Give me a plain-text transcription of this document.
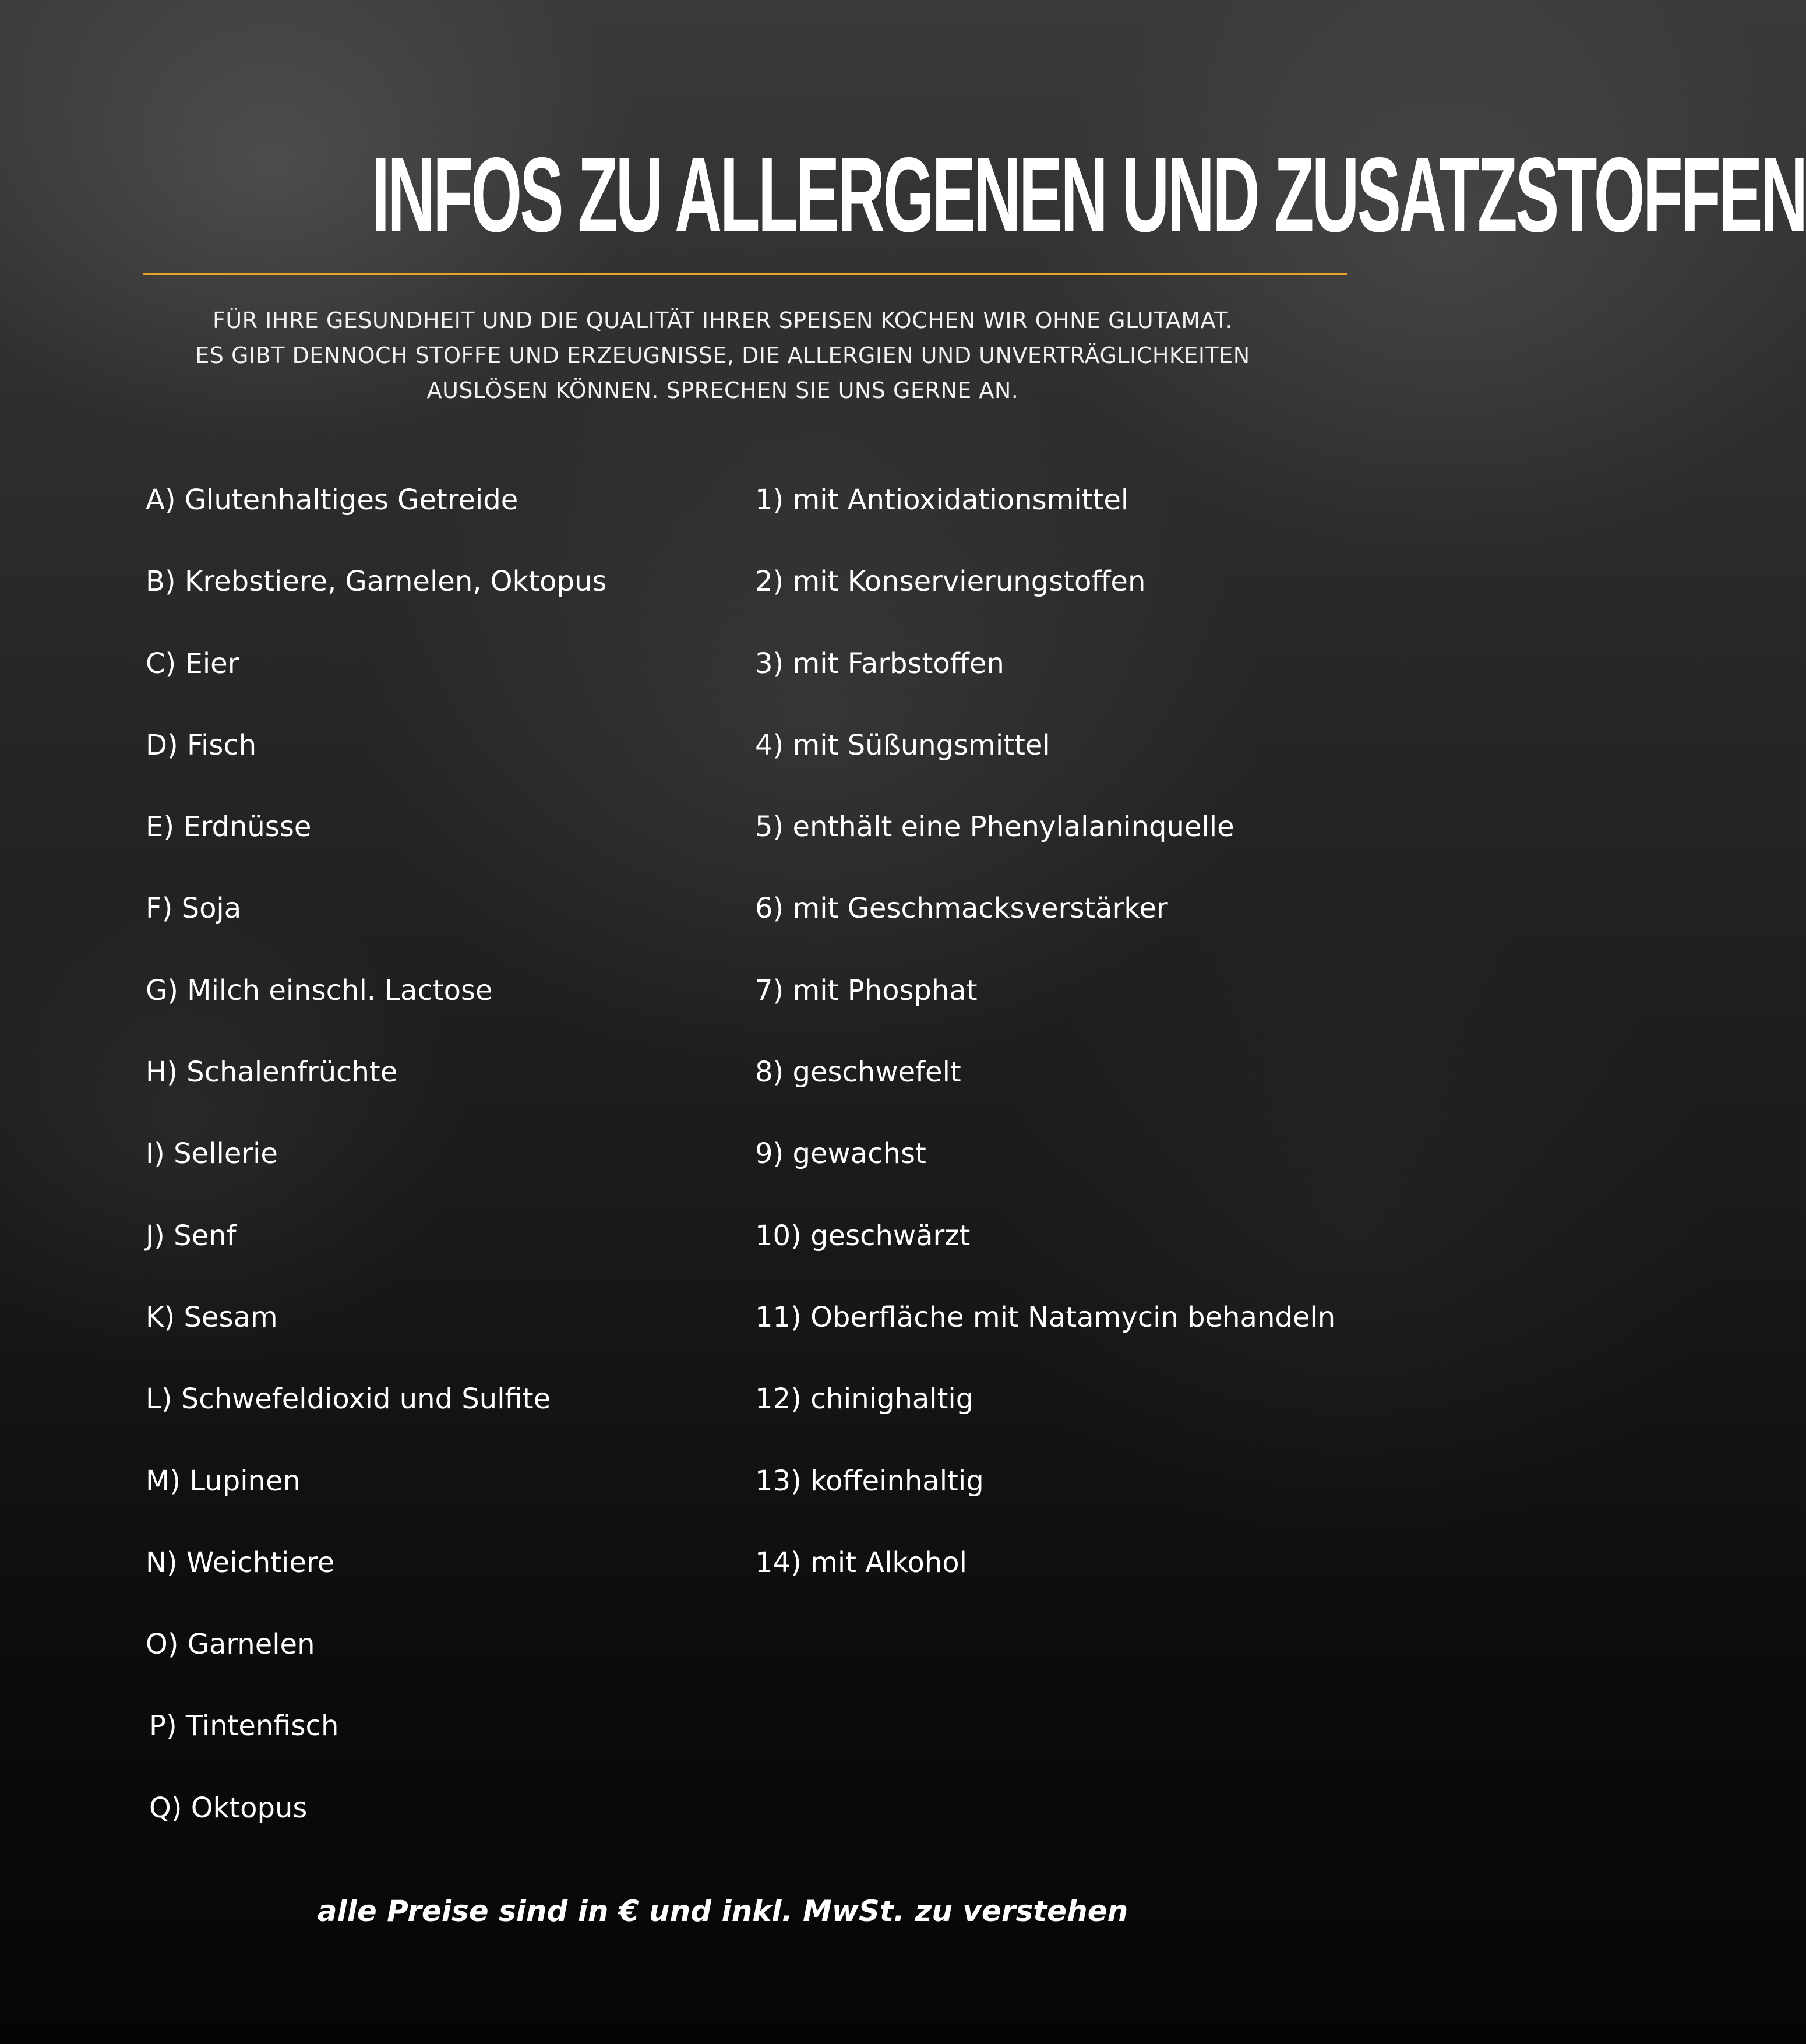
INFOS ZU ALLERGENEN UND ZUSATZSTOFFEN
FÜR IHRE GESUNDHEIT UND DIE QUALITÄT IHRER SPEISEN KOCHEN WIR OHNE GLUTAMAT.
ES GIBT DENNOCH STOFFE UND ERZEUGNISSE, DIE ALLERGIEN UND UNVERTRÄGLICHKEITEN
AUSLÖSEN KÖNNEN. SPRECHEN SIE UNS GERNE AN.
A) Glutenhaltiges Getreide
B) Krebstiere, Garnelen, Oktopus
C) Eier
D) Fisch
E) Erdnüsse
F) Soja
G) Milch einschl. Lactose
H) Schalenfrüchte
I) Sellerie
J) Senf
K) Sesam
L) Schwefeldioxid und Sulfite
M) Lupinen
N) Weichtiere
O) Garnelen
P) Tintenfisch
Q) Oktopus
1) mit Antioxidationsmittel
2) mit Konservierungstoffen
3) mit Farbstoffen
4) mit Süßungsmittel
5) enthält eine Phenylalaninquelle
6) mit Geschmacksverstärker
7) mit Phosphat
8) geschwefelt
9) gewachst
10) geschwärzt
11) Oberfläche mit Natamycin behandeln
12) chinighaltig
13) koffeinhaltig
14) mit Alkohol
alle Preise sind in € und inkl. MwSt. zu verstehen
